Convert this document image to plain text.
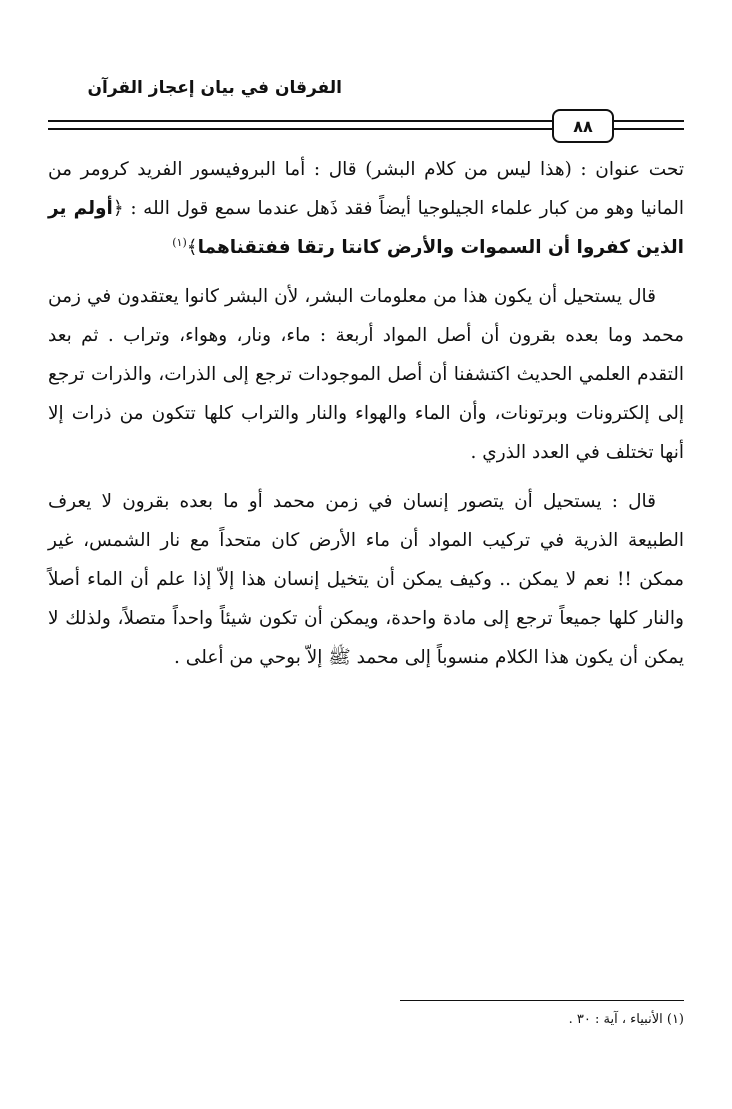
الفرقان في بيان إعجاز القرآن
٨٨

تحت عنوان : (هذا ليس من كلام البشر) قال : أما البروفيسور الفريد كرومر من المانيا وهو من كبار علماء الجيلوجيا أيضاً فقد ذَهل عندما سمع قول الله : ﴿أولم ير الذين كفروا أن السموات والأرض كانتا رتقا ففتقناهما﴾$^{(١)}$

قال يستحيل أن يكون هذا من معلومات البشر، لأن البشر كانوا يعتقدون في زمن محمد وما بعده بقرون أن أصل المواد أربعة : ماء، ونار، وهواء، وتراب . ثم بعد التقدم العلمي الحديث اكتشفنا أن أصل الموجودات ترجع إلى الذرات، والذرات ترجع إلى إلكترونات وبرتونات، وأن الماء والهواء والنار والتراب كلها تتكون من ذرات إلا أنها تختلف في العدد الذري .

قال : يستحيل أن يتصور إنسان في زمن محمد أو ما بعده بقرون لا يعرف الطبيعة الذرية في تركيب المواد أن ماء الأرض كان متحداً مع نار الشمس، غير ممكن !! نعم لا يمكن .. وكيف يمكن أن يتخيل إنسان هذا إلاّ إذا علم أن الماء أصلاً والنار كلها جميعاً ترجع إلى مادة واحدة، ويمكن أن تكون شيئاً واحداً متصلاً، ولذلك لا يمكن أن يكون هذا الكلام منسوباً إلى محمد ﷺ إلاّ بوحي من أعلى .

(١) الأنبياء ، آية : ٣٠ .
